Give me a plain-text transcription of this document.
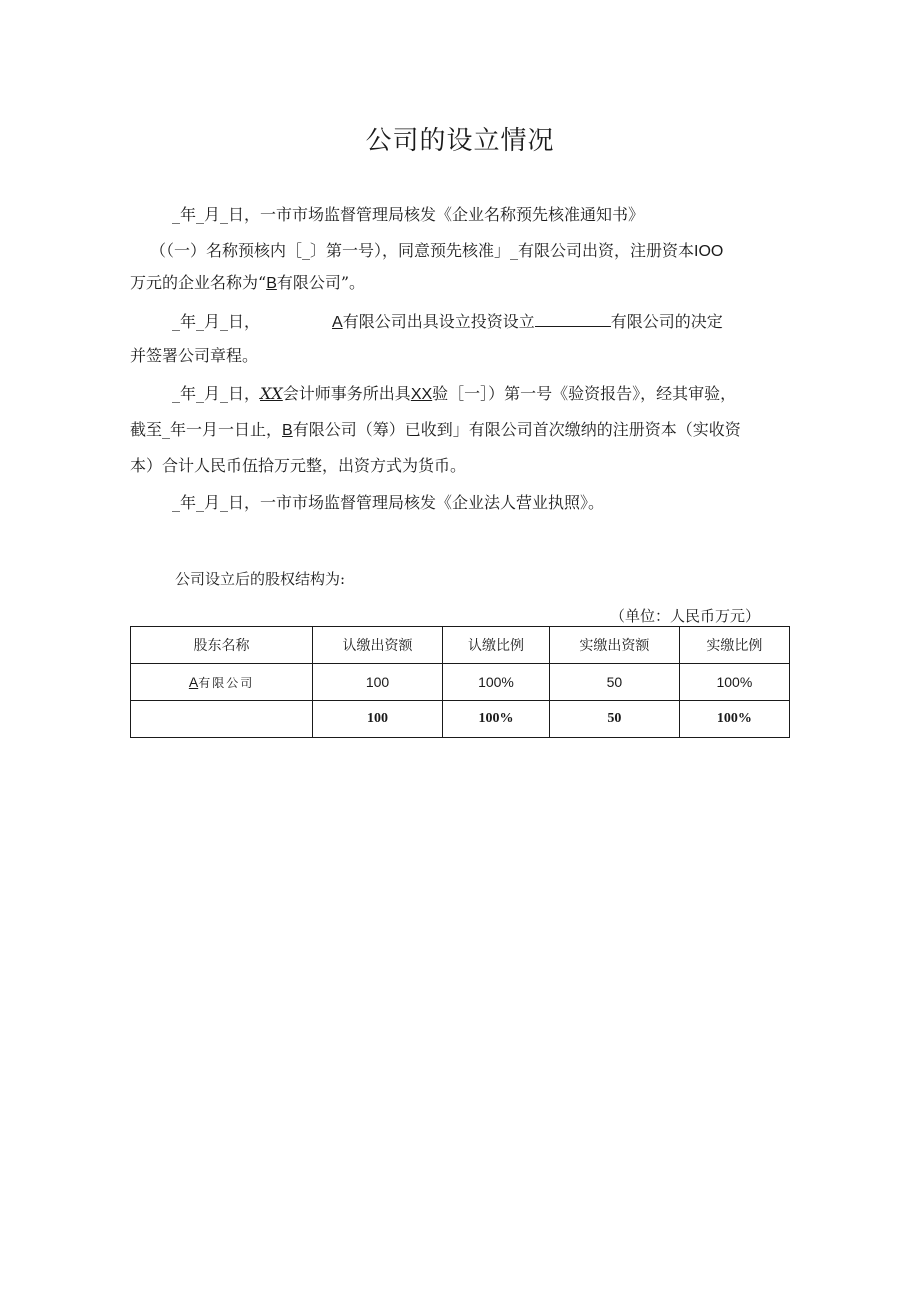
公司的设立情况
_年_月_日，一市市场监督管理局核发《企业名称预先核准通知书》
（（一）名称预核内［_〕第一号），同意预先核准」_有限公司出资，注册资本IOO
万元的企业名称为“B有限公司”。
_年_月_日，	A有限公司出具设立投资设立	有限公司的决定
并签署公司章程。
_年_月_日，XX会计师事务所出具XX验［一］）第一号《验资报告》，经其审验，
截至_年一月一日止，B有限公司（筹）已收到」有限公司首次缴纳的注册资本（实收资
本）合计人民币伍拾万元整，出资方式为货币。
_年_月_日，一市市场监督管理局核发《企业法人营业执照》。
公司设立后的股权结构为:
（单位：人民币万元）
股东名称	认缴出资额	认缴比例	实缴出资额	实缴比例
A有限公司	100	100%	50	100%
	100	100%	50	100%
